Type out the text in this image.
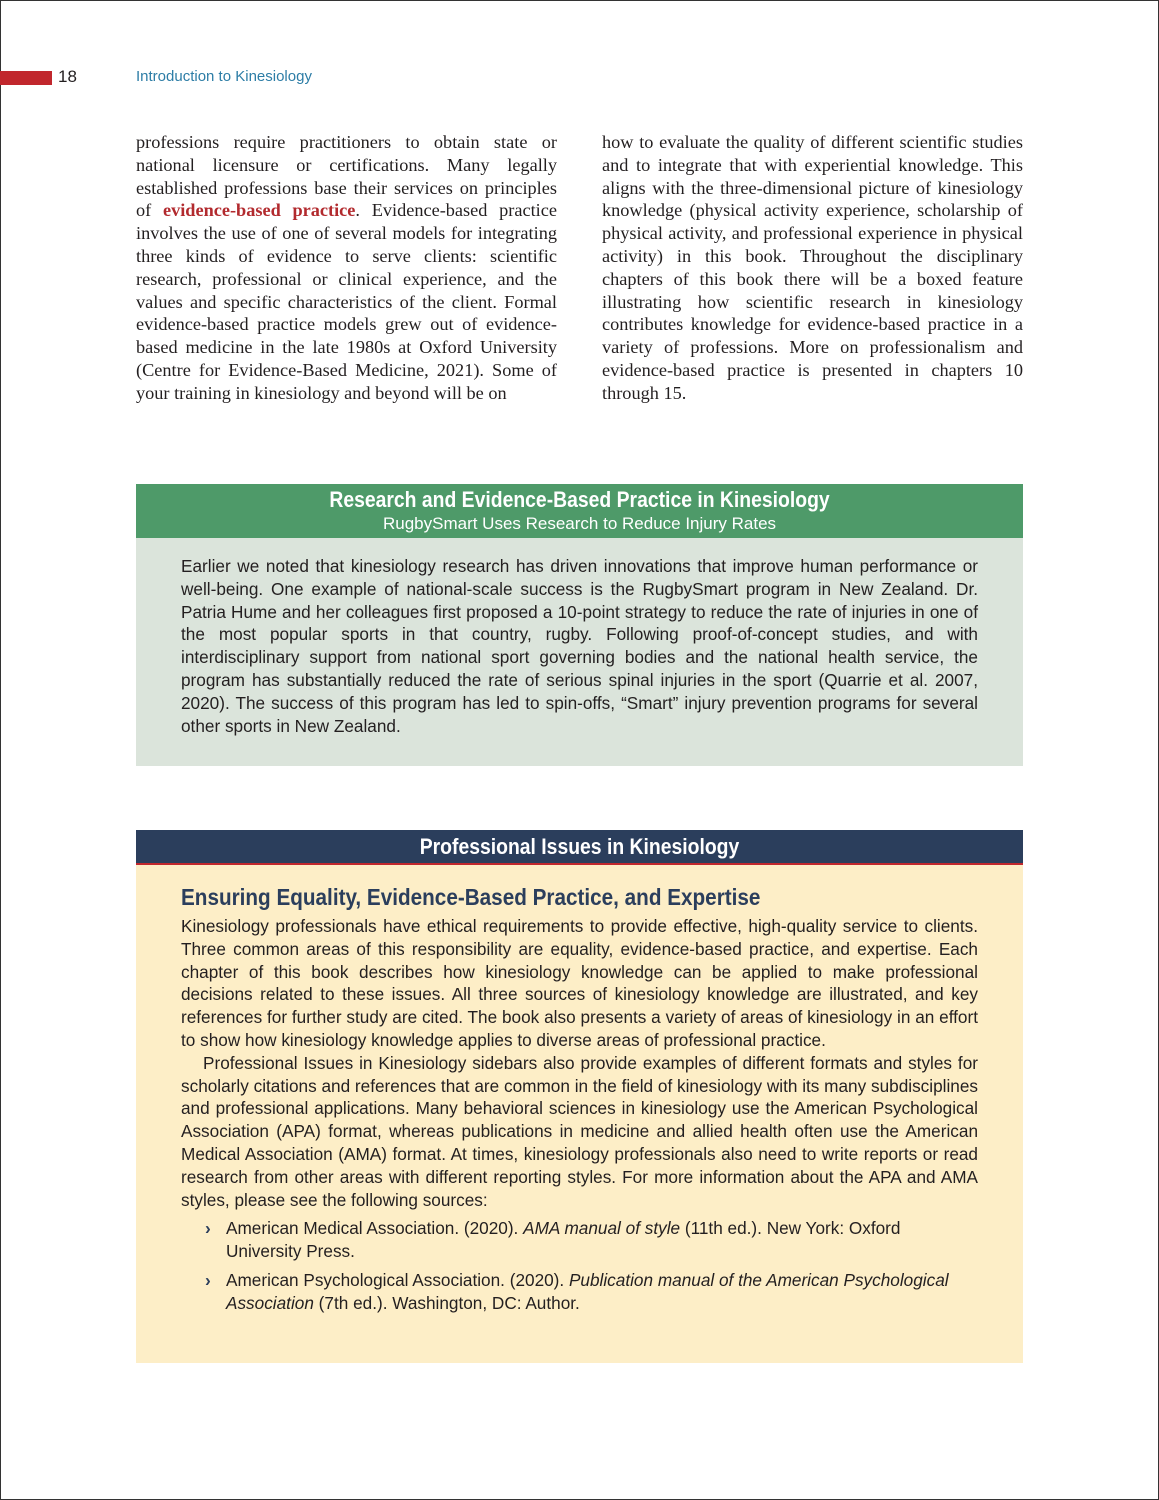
18	Introduction to Kinesiology
professions require practitioners to obtain state or national licensure or certifications. Many legally established professions base their services on principles of evidence-based practice. Evidence-based practice involves the use of one of several models for integrating three kinds of evidence to serve clients: scientific research, professional or clinical experience, and the values and specific characteristics of the client. Formal evidence-based practice models grew out of evidence-based medicine in the late 1980s at Oxford University (Centre for Evidence-Based Medicine, 2021). Some of your training in kinesiology and beyond will be on
how to evaluate the quality of different scientific studies and to integrate that with experiential knowledge. This aligns with the three-dimensional picture of kinesiology knowledge (physical activity experience, scholarship of physical activity, and professional experience in physical activity) in this book. Throughout the disciplinary chapters of this book there will be a boxed feature illustrating how scientific research in kinesiology contributes knowledge for evidence-based practice in a variety of professions. More on professionalism and evidence-based practice is presented in chapters 10 through 15.
Research and Evidence-Based Practice in Kinesiology
RugbySmart Uses Research to Reduce Injury Rates
Earlier we noted that kinesiology research has driven innovations that improve human performance or well-being. One example of national-scale success is the RugbySmart program in New Zealand. Dr. Patria Hume and her colleagues first proposed a 10-point strategy to reduce the rate of injuries in one of the most popular sports in that country, rugby. Following proof-of-concept studies, and with interdisciplinary support from national sport governing bodies and the national health service, the program has substantially reduced the rate of serious spinal injuries in the sport (Quarrie et al. 2007, 2020). The success of this program has led to spin-offs, “Smart” injury prevention programs for several other sports in New Zealand.
Professional Issues in Kinesiology
Ensuring Equality, Evidence-Based Practice, and Expertise

Kinesiology professionals have ethical requirements to provide effective, high-quality service to clients. Three common areas of this responsibility are equality, evidence-based practice, and expertise. Each chapter of this book describes how kinesiology knowledge can be applied to make professional decisions related to these issues. All three sources of kinesiology knowledge are illustrated, and key references for further study are cited. The book also presents a variety of areas of kinesiology in an effort to show how kinesiology knowledge applies to diverse areas of professional practice.

Professional Issues in Kinesiology sidebars also provide examples of different formats and styles for scholarly citations and references that are common in the field of kinesiology with its many subdisciplines and professional applications. Many behavioral sciences in kinesiology use the American Psychological Association (APA) format, whereas publications in medicine and allied health often use the American Medical Association (AMA) format. At times, kinesiology professionals also need to write reports or read research from other areas with different reporting styles. For more information about the APA and AMA styles, please see the following sources:

› American Medical Association. (2020). AMA manual of style (11th ed.). New York: Oxford University Press.
› American Psychological Association. (2020). Publication manual of the American Psychological Association (7th ed.). Washington, DC: Author.
